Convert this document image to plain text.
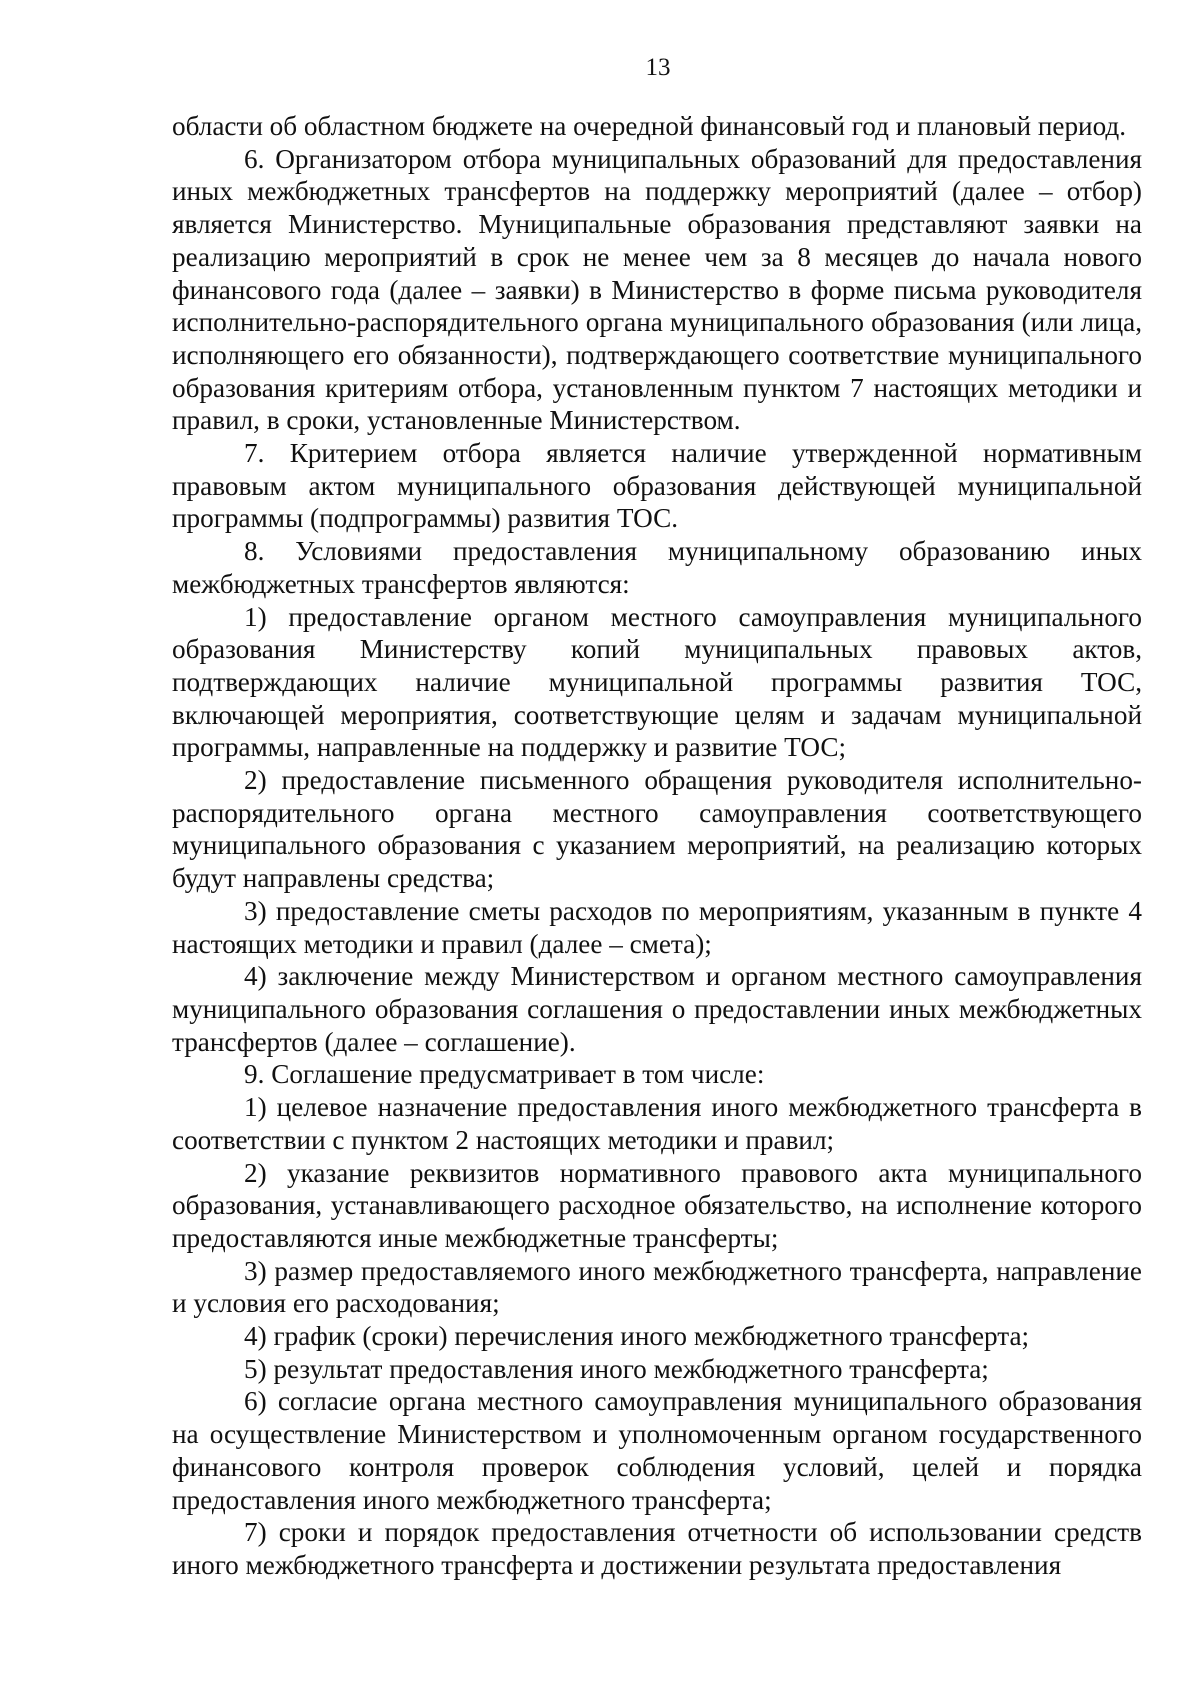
13

области об областном бюджете на очередной финансовый год и плановый период.

6. Организатором отбора муниципальных образований для предоставления иных межбюджетных трансфертов на поддержку мероприятий (далее – отбор) является Министерство. Муниципальные образования представляют заявки на реализацию мероприятий в срок не менее чем за 8 месяцев до начала нового финансового года (далее – заявки) в Министерство в форме письма руководителя исполнительно-распорядительного органа муниципального образования (или лица, исполняющего его обязанности), подтверждающего соответствие муниципального образования критериям отбора, установленным пунктом 7 настоящих методики и правил, в сроки, установленные Министерством.

7. Критерием отбора является наличие утвержденной нормативным правовым актом муниципального образования действующей муниципальной программы (подпрограммы) развития ТОС.

8. Условиями предоставления муниципальному образованию иных межбюджетных трансфертов являются:

1) предоставление органом местного самоуправления муниципального образования Министерству копий муниципальных правовых актов, подтверждающих наличие муниципальной программы развития ТОС, включающей мероприятия, соответствующие целям и задачам муниципальной программы, направленные на поддержку и развитие ТОС;

2) предоставление письменного обращения руководителя исполнительно-распорядительного органа местного самоуправления соответствующего муниципального образования с указанием мероприятий, на реализацию которых будут направлены средства;

3) предоставление сметы расходов по мероприятиям, указанным в пункте 4 настоящих методики и правил (далее – смета);

4) заключение между Министерством и органом местного самоуправления муниципального образования соглашения о предоставлении иных межбюджетных трансфертов (далее – соглашение).

9. Соглашение предусматривает в том числе:

1) целевое назначение предоставления иного межбюджетного трансферта в соответствии с пунктом 2 настоящих методики и правил;

2) указание реквизитов нормативного правового акта муниципального образования, устанавливающего расходное обязательство, на исполнение которого предоставляются иные межбюджетные трансферты;

3) размер предоставляемого иного межбюджетного трансферта, направление и условия его расходования;

4) график (сроки) перечисления иного межбюджетного трансферта;

5) результат предоставления иного межбюджетного трансферта;

6) согласие органа местного самоуправления муниципального образования на осуществление Министерством и уполномоченным органом государственного финансового контроля проверок соблюдения условий, целей и порядка предоставления иного межбюджетного трансферта;

7) сроки и порядок предоставления отчетности об использовании средств иного межбюджетного трансферта и достижении результата предоставления
